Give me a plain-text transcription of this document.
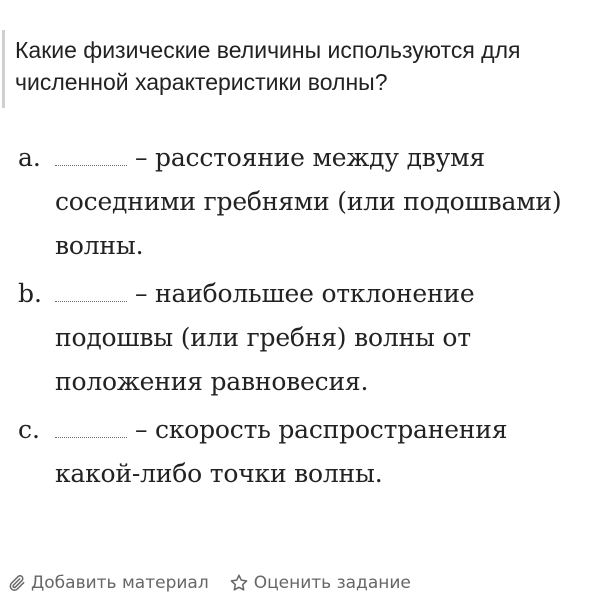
Какие физические величины используются для численной характеристики волны?
a.	– расстояние между двумя соседними гребнями (или подошвами) волны.
b.	– наибольшее отклонение подошвы (или гребня) волны от положения равновесия.
c.	– скорость распространения какой-либо точки волны.
Добавить материал	Оценить задание
